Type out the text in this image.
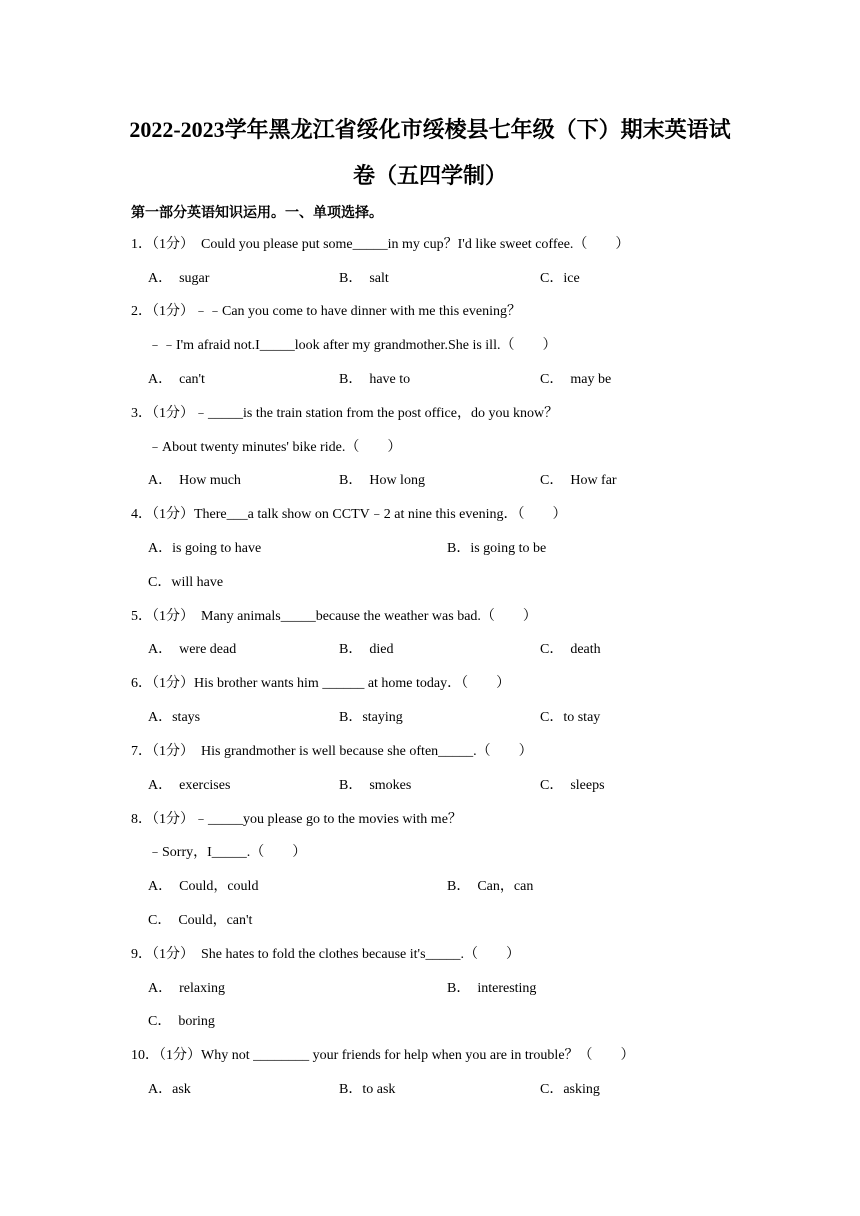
2022-2023学年黑龙江省绥化市绥棱县七年级（下）期末英语试
卷（五四学制）
第一部分英语知识运用。一、单项选择。
1．（1分）  Could you please put some_____in my cup？I'd like sweet coffee.（        ）
A．  sugar	B．  salt	C．ice
2．（1分）﹣﹣Can you come to have dinner with me this evening？
﹣﹣I'm afraid not.I_____look after my grandmother.She is ill.（        ）
A．  can't	B．  have to	C．  may be
3．（1分）﹣_____is the train station from the post office，do you know？
﹣About twenty minutes' bike ride.（        ）
A．  How much	B．  How long	C．  How far
4．（1分）There___a talk show on CCTV﹣2 at nine this evening．（        ）
A．is going to have	B．is going to be
C．will have
5．（1分）  Many animals_____because the weather was bad.（        ）
A．  were dead	B．  died	C．  death
6．（1分）His brother wants him ______ at home today．（        ）
A．stays	B．staying	C．to stay
7．（1分）  His grandmother is well because she often_____.（        ）
A．  exercises	B．  smokes	C．  sleeps
8．（1分）﹣_____you please go to the movies with me？
﹣Sorry，I_____.（        ）
A．  Could，could	B．  Can，can
C．  Could，can't
9．（1分）  She hates to fold the clothes because it's_____.（        ）
A．  relaxing	B．  interesting
C．  boring
10．（1分）Why not ________ your friends for help when you are in trouble？（        ）
A．ask	B．to ask	C．asking
